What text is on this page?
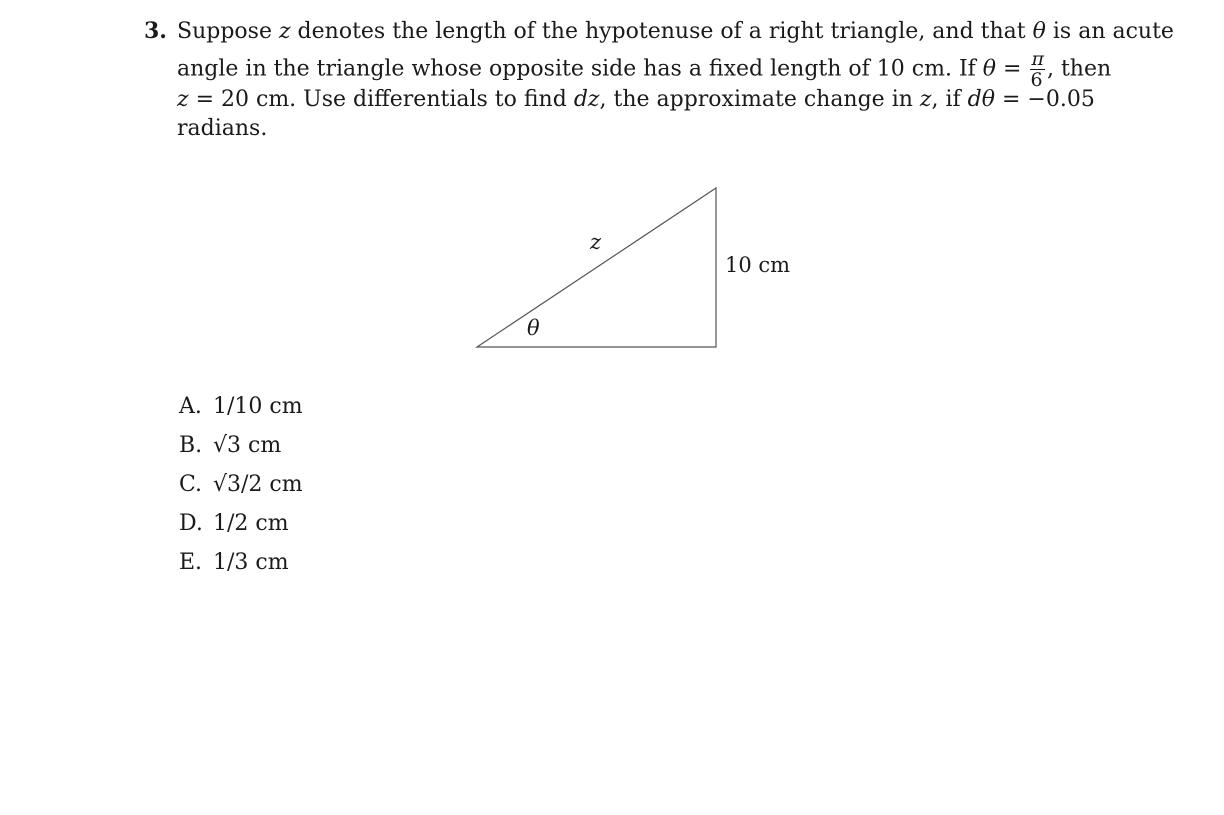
3. Suppose z denotes the length of the hypotenuse of a right triangle, and that θ is an acute
angle in the triangle whose opposite side has a fixed length of 10 cm. If $\theta = \frac{\pi}{6}$ , then
z = 20 cm. Use differentials to find dz, the approximate change in z, if dθ = −0.05
radians.
z
10 cm
θ
A. 1/10 cm
B. √3 cm
C. √3/2 cm
D. 1/2 cm
E. 1/3 cm
